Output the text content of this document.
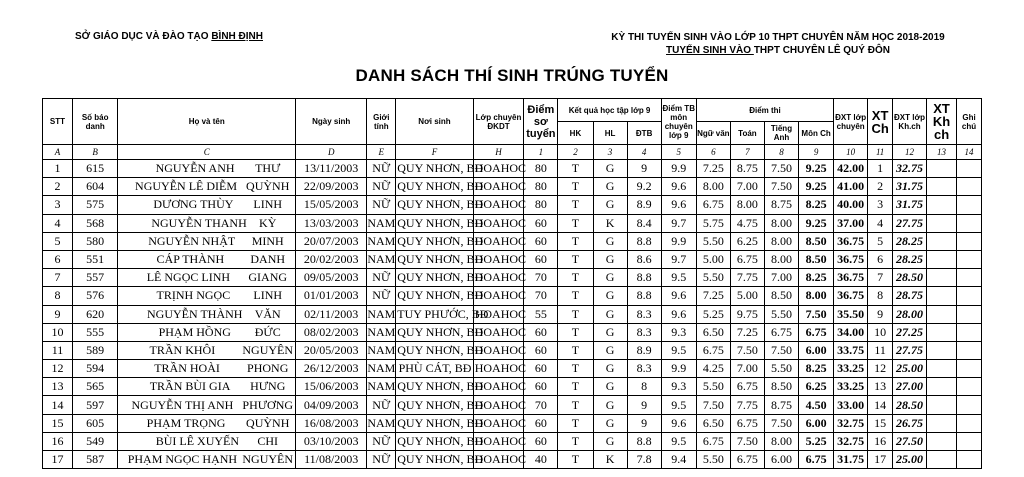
SỞ GIÁO DỤC VÀ ĐÀO TẠO BÌNH ĐỊNH	KỲ THI TUYỂN SINH VÀO LỚP 10 THPT CHUYÊN NĂM HỌC 2018-2019
TUYỂN SINH VÀO THPT CHUYÊN LÊ QUÝ ĐÔN
DANH SÁCH THÍ SINH TRÚNG TUYỂN
STT	Số báo danh	Họ và tên	Ngày sinh	Giới tính	Nơi sinh	Lớp chuyên ĐKDT	Điểm sơ tuyển	Kết quả học tập lớp 9			Điểm TB môn chuyên lớp 9	Điểm thi				ĐXT lớp chuyên	XT Ch	ĐXT lớp Kh.ch	XT Kh ch	Ghi chú
								HK	HL	ĐTB		Ngữ văn	Toán	Tiếng Anh	Môn Ch					
A	B	C	D	E	F	H	1	2	3	4	5	6	7	8	9	10	11	12	13	14
1	615	NGUYỄN ANH THƯ	13/11/2003	NỮ	QUY NHƠN, BĐ	HOAHOC	80	T	G	9	9.9	7.25	8.75	7.50	9.25	42.00	1	32.75		
2	604	NGUYỄN LÊ DIỄM QUỲNH	22/09/2003	NỮ	QUY NHƠN, BĐ	HOAHOC	80	T	G	9.2	9.6	8.00	7.00	7.50	9.25	41.00	2	31.75		
3	575	DƯƠNG THÙY LINH	15/05/2003	NỮ	QUY NHƠN, BĐ	HOAHOC	80	T	G	8.9	9.6	6.75	8.00	8.75	8.25	40.00	3	31.75		
4	568	NGUYỄN THANH KỲ	13/03/2003	NAM	QUY NHƠN, BĐ	HOAHOC	60	T	K	8.4	9.7	5.75	4.75	8.00	9.25	37.00	4	27.75		
5	580	NGUYỄN NHẬT MINH	20/07/2003	NAM	QUY NHƠN, BĐ	HOAHOC	60	T	G	8.8	9.9	5.50	6.25	8.00	8.50	36.75	5	28.25		
6	551	CÁP THÀNH DANH	20/02/2003	NAM	QUY NHƠN, BĐ	HOAHOC	60	T	G	8.6	9.7	5.00	6.75	8.00	8.50	36.75	6	28.25		
7	557	LÊ NGỌC LINH GIANG	09/05/2003	NỮ	QUY NHƠN, BĐ	HOAHOC	70	T	G	8.8	9.5	5.50	7.75	7.00	8.25	36.75	7	28.50		
8	576	TRỊNH NGỌC LINH	01/01/2003	NỮ	QUY NHƠN, BĐ	HOAHOC	70	T	G	8.8	9.6	7.25	5.00	8.50	8.00	36.75	8	28.75		
9	620	NGUYỄN THÀNH VĂN	02/11/2003	NAM	TUY PHƯỚC, BĐ	HOAHOC	55	T	G	8.3	9.6	5.25	9.75	5.50	7.50	35.50	9	28.00		
10	555	PHẠM HỒNG ĐỨC	08/02/2003	NAM	QUY NHƠN, BĐ	HOAHOC	60	T	G	8.3	9.3	6.50	7.25	6.75	6.75	34.00	10	27.25		
11	589	TRẦN KHÔI NGUYÊN	20/05/2003	NAM	QUY NHƠN, BĐ	HOAHOC	60	T	G	8.9	9.5	6.75	7.50	7.50	6.00	33.75	11	27.75		
12	594	TRẦN HOÀI PHONG	26/12/2003	NAM	PHÙ CÁT, BĐ	HOAHOC	60	T	G	8.3	9.9	4.25	7.00	5.50	8.25	33.25	12	25.00		
13	565	TRẦN BÙI GIA HƯNG	15/06/2003	NAM	QUY NHƠN, BĐ	HOAHOC	60	T	G	8	9.3	5.50	6.75	8.50	6.25	33.25	13	27.00		
14	597	NGUYỄN THỊ ANH PHƯƠNG	04/09/2003	NỮ	QUY NHƠN, BĐ	HOAHOC	70	T	G	9	9.5	7.50	7.75	8.75	4.50	33.00	14	28.50		
15	605	PHẠM TRỌNG QUỲNH	16/08/2003	NAM	QUY NHƠN, BĐ	HOAHOC	60	T	G	9	9.6	6.50	6.75	7.50	6.00	32.75	15	26.75		
16	549	BÙI LÊ XUYẾN CHI	03/10/2003	NỮ	QUY NHƠN, BĐ	HOAHOC	60	T	G	8.8	9.5	6.75	7.50	8.00	5.25	32.75	16	27.50		
17	587	PHẠM NGỌC HẠNH NGUYÊN	11/08/2003	NỮ	QUY NHƠN, BĐ	HOAHOC	40	T	K	7.8	9.4	5.50	6.75	6.00	6.75	31.75	17	25.00		
